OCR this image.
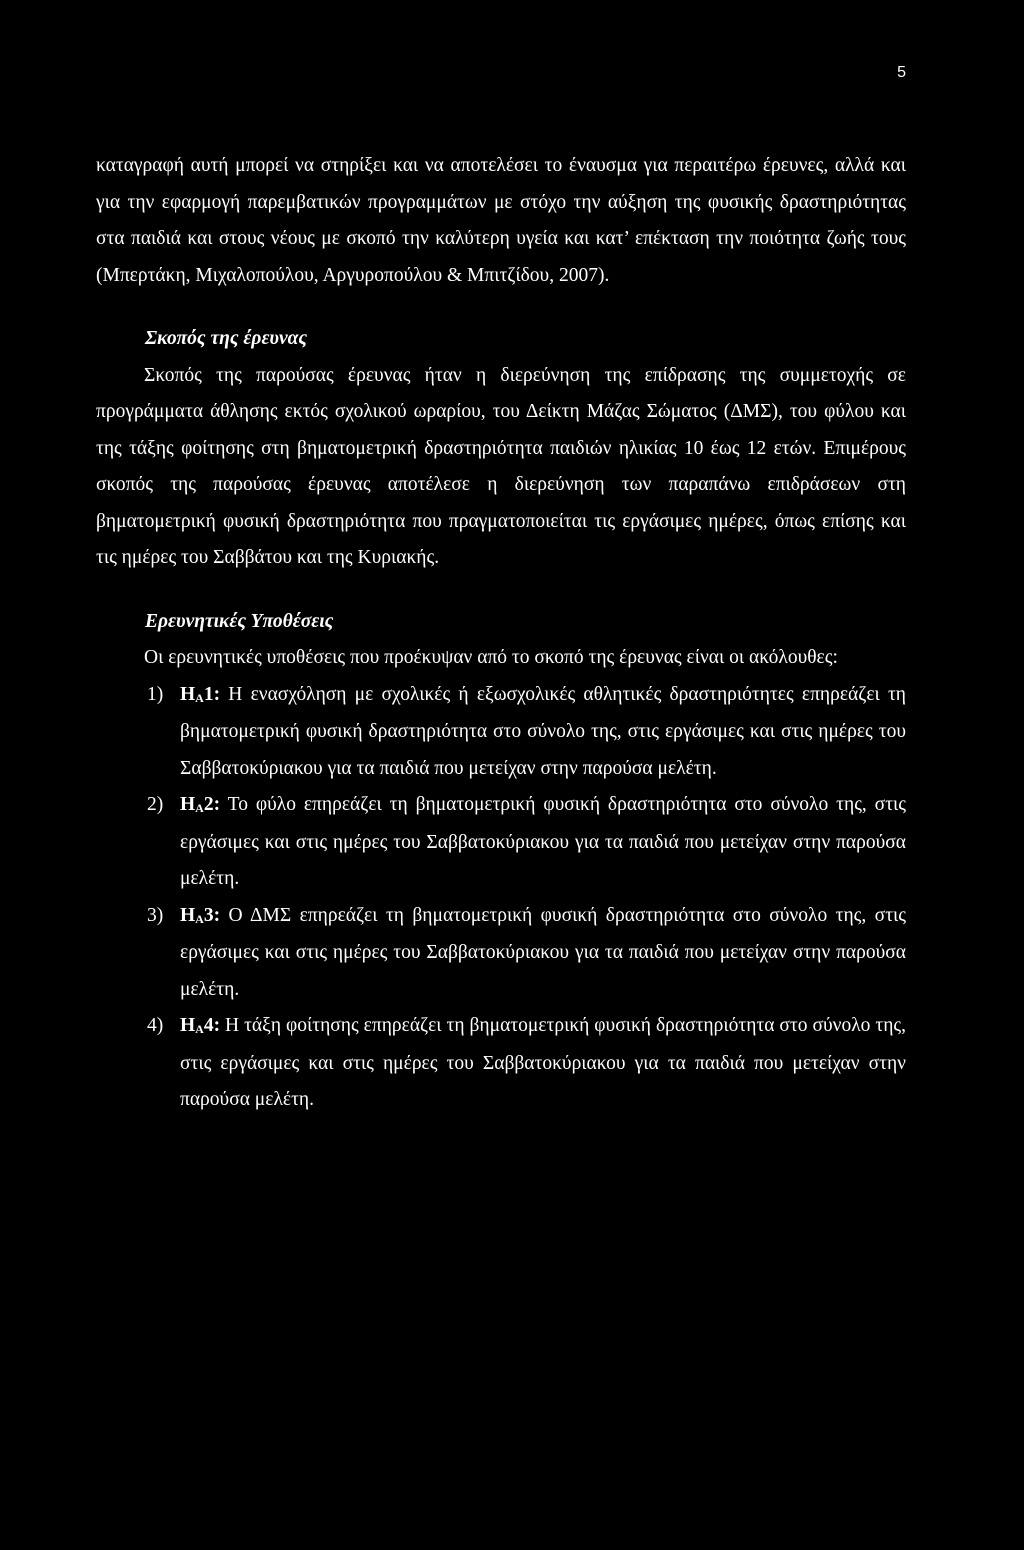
5

καταγραφή αυτή μπορεί να στηρίξει και να αποτελέσει το έναυσμα για περαιτέρω έρευνες, αλλά και για την εφαρμογή παρεμβατικών προγραμμάτων με στόχο την αύξηση της φυσικής δραστηριότητας στα παιδιά και στους νέους με σκοπό την καλύτερη υγεία και κατ’ επέκταση την ποιότητα ζωής τους (Μπερτάκη, Μιχαλοπούλου, Αργυροπούλου & Μπιτζίδου, 2007).

Σκοπός της έρευνας

Σκοπός της παρούσας έρευνας ήταν η διερεύνηση της επίδρασης της συμμετοχής σε προγράμματα άθλησης εκτός σχολικού ωραρίου, του Δείκτη Μάζας Σώματος (ΔΜΣ), του φύλου και της τάξης φοίτησης στη βηματομετρική δραστηριότητα παιδιών ηλικίας 10 έως 12 ετών. Επιμέρους σκοπός της παρούσας έρευνας αποτέλεσε η διερεύνηση των παραπάνω επιδράσεων στη βηματομετρική φυσική δραστηριότητα που πραγματοποιείται τις εργάσιμες ημέρες, όπως επίσης και τις ημέρες του Σαββάτου και της Κυριακής.

Ερευνητικές Υποθέσεις

Οι ερευνητικές υποθέσεις που προέκυψαν από το σκοπό της έρευνας είναι οι ακόλουθες:

1) $H_A1$: Η ενασχόληση με σχολικές ή εξωσχολικές αθλητικές δραστηριότητες επηρεάζει τη βηματομετρική φυσική δραστηριότητα στο σύνολο της, στις εργάσιμες και στις ημέρες του Σαββατοκύριακου για τα παιδιά που μετείχαν στην παρούσα μελέτη.
2) $H_A2$: Το φύλο επηρεάζει τη βηματομετρική φυσική δραστηριότητα στο σύνολο της, στις εργάσιμες και στις ημέρες του Σαββατοκύριακου για τα παιδιά που μετείχαν στην παρούσα μελέτη.
3) $H_A3$: Ο ΔΜΣ επηρεάζει τη βηματομετρική φυσική δραστηριότητα στο σύνολο της, στις εργάσιμες και στις ημέρες του Σαββατοκύριακου για τα παιδιά που μετείχαν στην παρούσα μελέτη.
4) $H_A4$: Η τάξη φοίτησης επηρεάζει τη βηματομετρική φυσική δραστηριότητα στο σύνολο της, στις εργάσιμες και στις ημέρες του Σαββατοκύριακου για τα παιδιά που μετείχαν στην παρούσα μελέτη.
